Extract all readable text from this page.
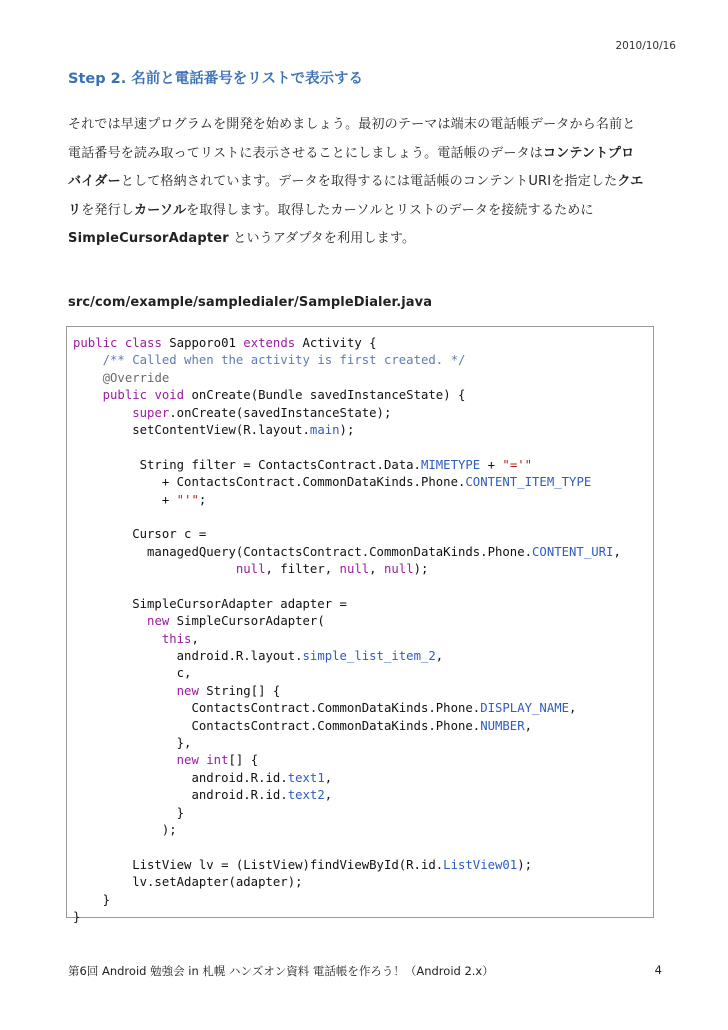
2010/10/16
Step 2. 名前と電話番号をリストで表示する
それでは早速プログラムを開発を始めましょう。最初のテーマは端末の電話帳データから名前と
電話番号を読み取ってリストに表示させることにしましょう。電話帳のデータはコンテントプロ
バイダーとして格納されています。データを取得するには電話帳のコンテントURIを指定したクエ
リを発行しカーソルを取得します。取得したカーソルとリストのデータを接続するために
SimpleCursorAdapter というアダプタを利用します。
src/com/example/sampledialer/SampleDialer.java
public class Sapporo01 extends Activity {
/** Called when the activity is first created. */
@Override
public void onCreate(Bundle savedInstanceState) {
super.onCreate(savedInstanceState);
setContentView(R.layout.main);
String filter = ContactsContract.Data.MIMETYPE + "='"
+ ContactsContract.CommonDataKinds.Phone.CONTENT_ITEM_TYPE
+ "'";
Cursor c =
managedQuery(ContactsContract.CommonDataKinds.Phone.CONTENT_URI,
null, filter, null, null);
SimpleCursorAdapter adapter =
new SimpleCursorAdapter(
this,
android.R.layout.simple_list_item_2,
c,
new String[] {
ContactsContract.CommonDataKinds.Phone.DISPLAY_NAME,
ContactsContract.CommonDataKinds.Phone.NUMBER,
},
new int[] {
android.R.id.text1,
android.R.id.text2,
}
);
ListView lv = (ListView)findViewById(R.id.ListView01);
lv.setAdapter(adapter);
}
}
第6回 Android 勉強会 in 札幌 ハンズオン資料 電話帳を作ろう！（Android 2.x）	4
